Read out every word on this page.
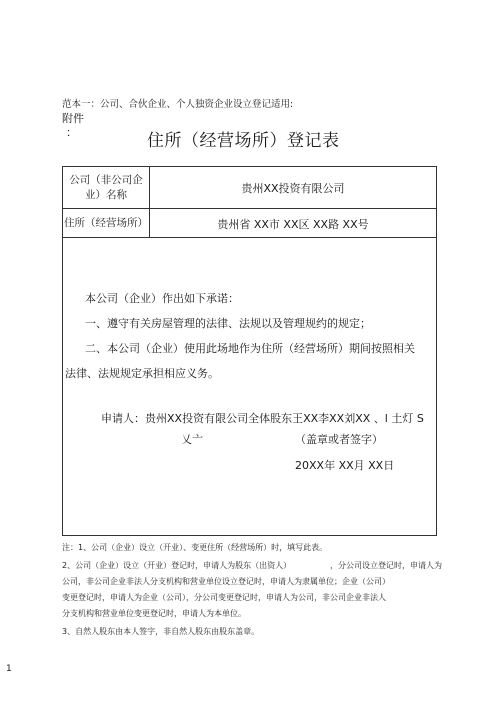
范本一：公司、合伙企业、个人独资企业设立登记适用:
附件
：	住所（经营场所）登记表
公司（非公司企
业）名称	贵州XX投资有限公司
住所（经营场所）	贵州省 XX市 XX区 XX路 XX号
本公司（企业）作出如下承诺：
一、遵守有关房屋管理的法律、法规以及管理规约的规定；
二、本公司（企业）使用此场地作为住所（经营场所）期间按照相关
法律、法规规定承担相应义务。
申请人：贵州XX投资有限公司全体股东王XX李XX刘XX 、l 土灯 S
乂亠	（盖章或者签字）
20XX年 XX月 XX日
注：1、公司（企业）设立（开业）、变更住所（经营场所）时，填写此表。
2、公司（企业）设立（开业）登记时，申请人为股东（出资人）	，分公司设立登记时，申请人为
公司，非公司企业非法人分支机构和营业单位设立登记时，申请人为隶属单位；企业（公司）
变更登记时，申请人为企业（公司），分公司变更登记时，申请人为公司，非公司企业非法人
分支机构和营业单位变更登记时，申请人为本单位。
3、自然人股东由本人签字，非自然人股东由股东盖章。
1
